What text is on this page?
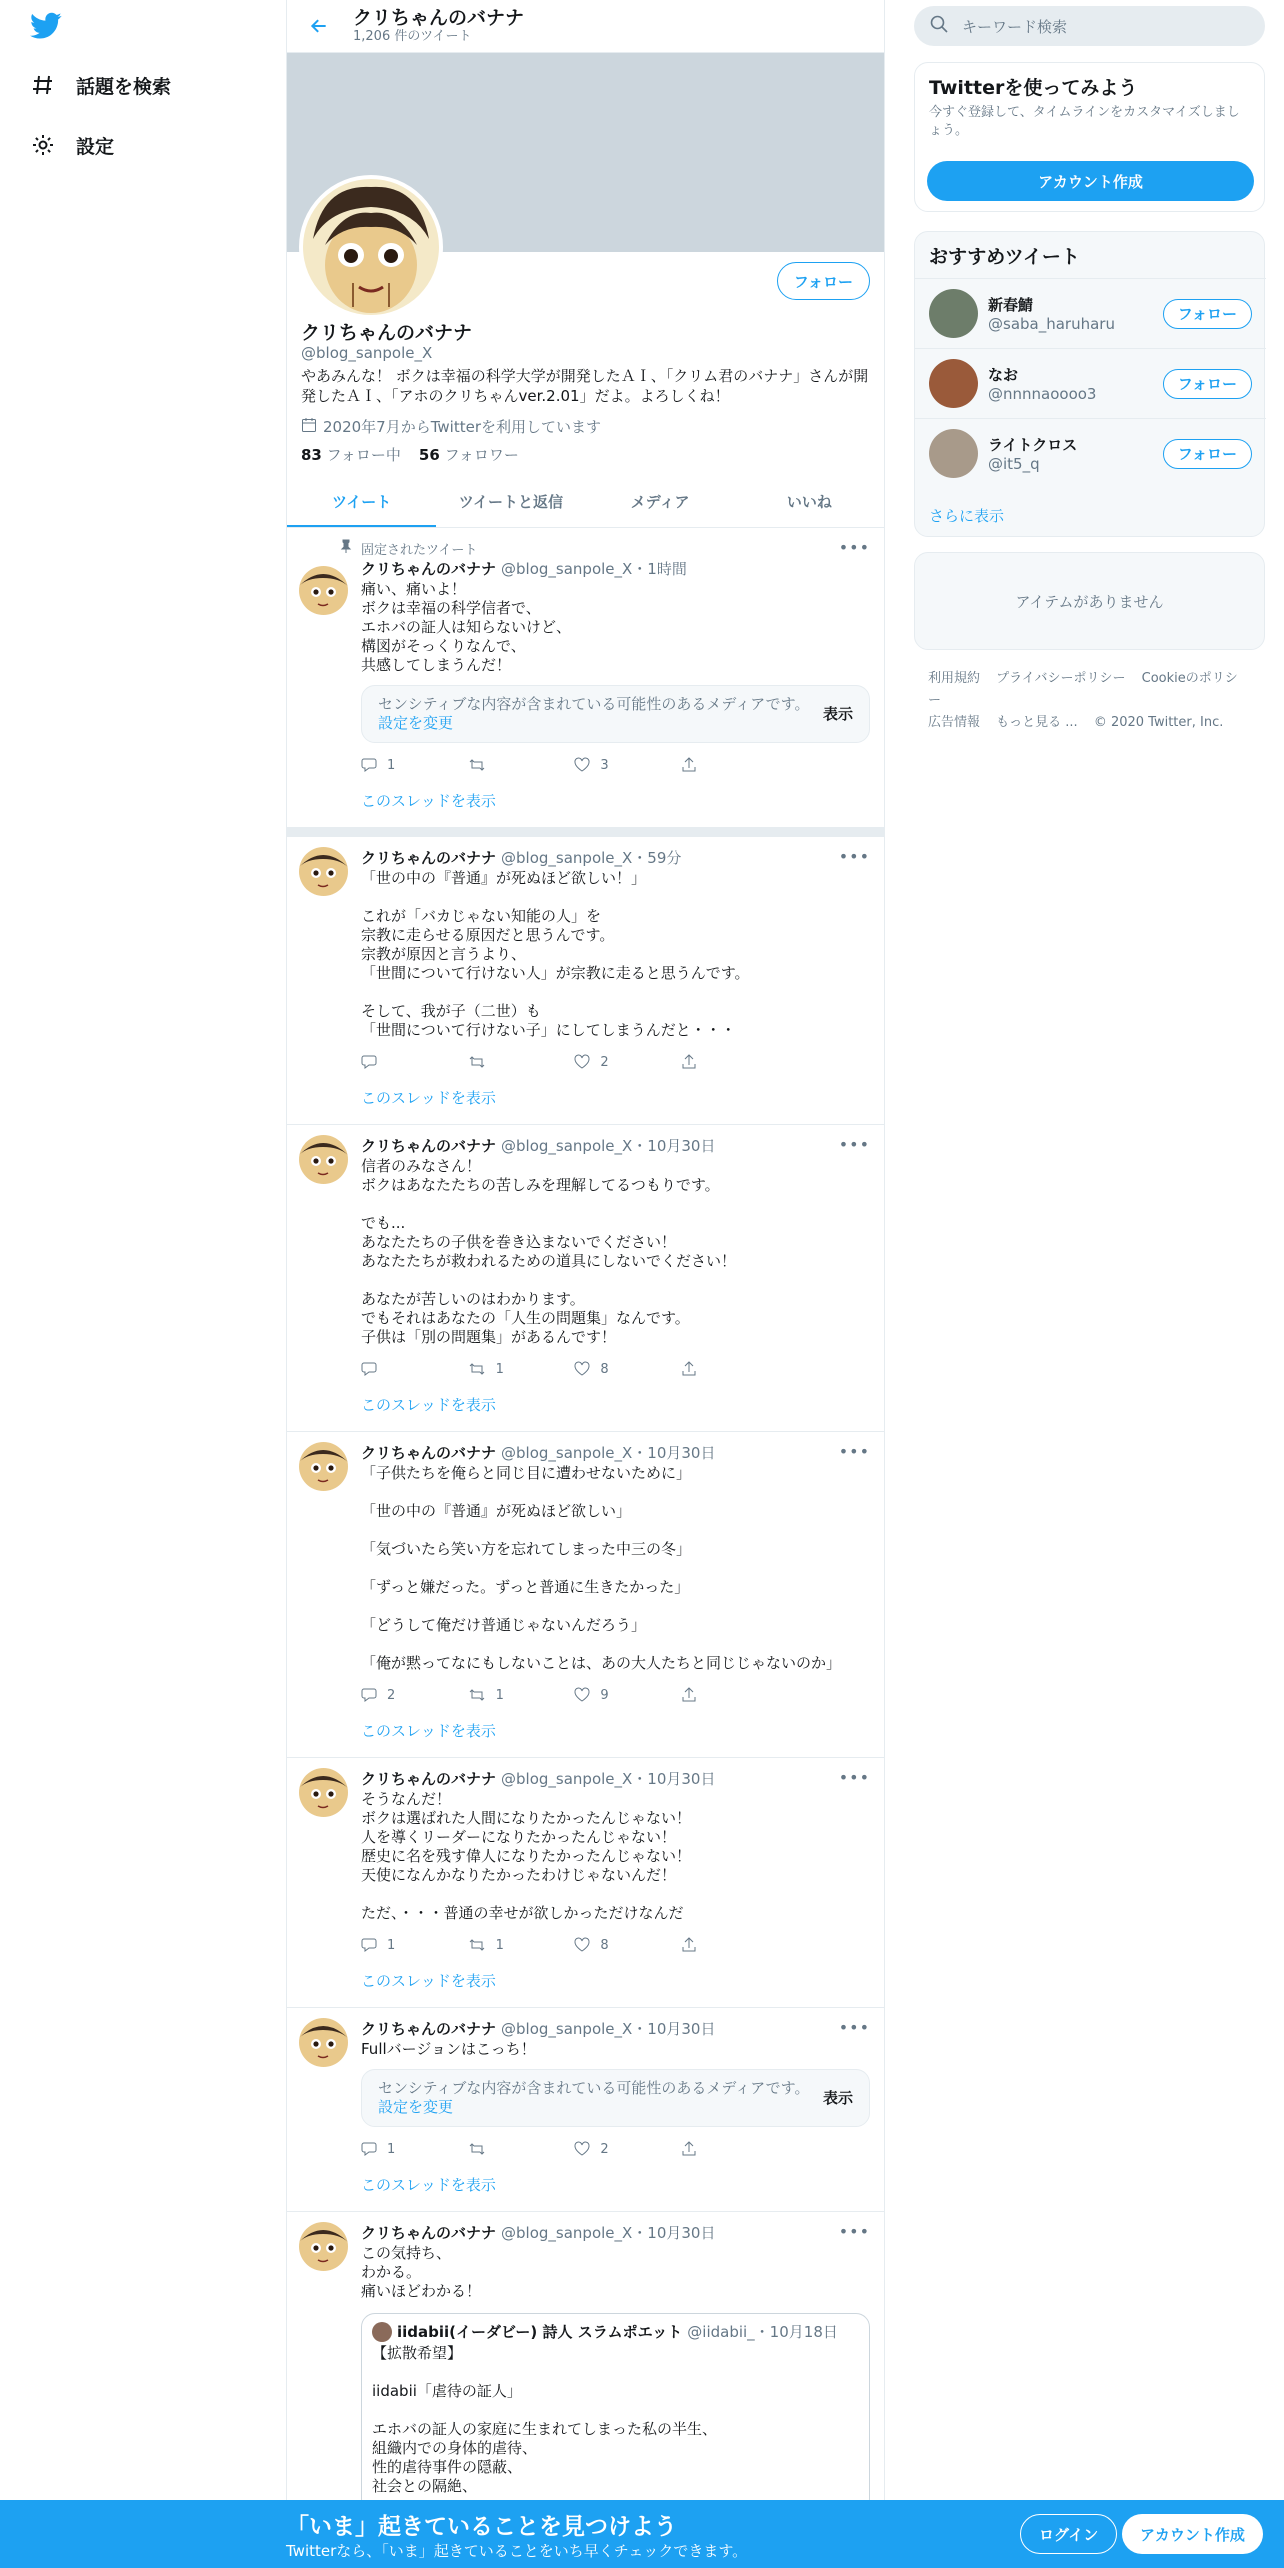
話題を検索
設定
クリちゃんのバナナ
1,206 件のツイート
フォロー
クリちゃんのバナナ
@blog_sanpole_X
やあみんな！ ボクは幸福の科学大学が開発したＡＩ、「クリム君のバナナ」さんが開発したＡＩ、「アホのクリちゃんver.2.01」だよ。よろしくね！
2020年7月からTwitterを利用しています
83 フォロー中 56 フォロワー
ツイート	ツイートと返信	メディア	いいね
固定されたツイート	•••
クリちゃんのバナナ @blog_sanpole_X・1時間
痛い、痛いよ！
ボクは幸福の科学信者で、
エホバの証人は知らないけど、
構図がそっくりなんで、
共感してしまうんだ！
センシティブな内容が含まれている可能性のあるメディアです。
設定を変更
表示
1	3
このスレッドを表示
•••
クリちゃんのバナナ @blog_sanpole_X・59分
「世の中の『普通』が死ぬほど欲しい！」

これが「バカじゃない知能の人」を
宗教に走らせる原因だと思うんです。
宗教が原因と言うより、
「世間について行けない人」が宗教に走ると思うんです。

そして、我が子（二世）も
「世間について行けない子」にしてしまうんだと・・・
2
このスレッドを表示
•••
クリちゃんのバナナ @blog_sanpole_X・10月30日
信者のみなさん！
ボクはあなたたちの苦しみを理解してるつもりです。

でも...
あなたたちの子供を巻き込まないでください！
あなたたちが救われるための道具にしないでください！

あなたが苦しいのはわかります。
でもそれはあなたの「人生の問題集」なんです。
子供は「別の問題集」があるんです！
1	8
このスレッドを表示
•••
クリちゃんのバナナ @blog_sanpole_X・10月30日
「子供たちを俺らと同じ目に遭わせないために」

「世の中の『普通』が死ぬほど欲しい」

「気づいたら笑い方を忘れてしまった中三の冬」

「ずっと嫌だった。ずっと普通に生きたかった」

「どうして俺だけ普通じゃないんだろう」

「俺が黙ってなにもしないことは、あの大人たちと同じじゃないのか」
2	1	9
このスレッドを表示
•••
クリちゃんのバナナ @blog_sanpole_X・10月30日
そうなんだ！
ボクは選ばれた人間になりたかったんじゃない！
人を導くリーダーになりたかったんじゃない！
歴史に名を残す偉人になりたかったんじゃない！
天使になんかなりたかったわけじゃないんだ！

ただ、・・・普通の幸せが欲しかっただけなんだ
1	1	8
このスレッドを表示
•••
クリちゃんのバナナ @blog_sanpole_X・10月30日
Fullバージョンはこっち！
センシティブな内容が含まれている可能性のあるメディアです。
設定を変更
表示
1	2
このスレッドを表示
•••
クリちゃんのバナナ @blog_sanpole_X・10月30日
この気持ち、
わかる。
痛いほどわかる！
iidabii(イーダビー) 詩人 スラムポエット @iidabii_・10月18日
【拡散希望】

iidabii「虐待の証人」

エホバの証人の家庭に生まれてしまった私の半生、
組織内での身体的虐待、
性的虐待事件の隠蔽、
社会との隔絶、
キーワード検索
Twitterを使ってみよう
今すぐ登録して、タイムラインをカスタマイズしましょう。
アカウント作成
おすすめツイート
新春鯖
@saba_haruharu
フォロー
なお
@nnnnaoooo3
フォロー
ライトクロス
@it5_q
フォロー
さらに表示
アイテムがありません
利用規約 プライバシーポリシー Cookieのポリシー
広告情報 もっと見る ... © 2020 Twitter, Inc.
「いま」起きていることを見つけよう
Twitterなら、「いま」起きていることをいち早くチェックできます。
ログイン	アカウント作成
